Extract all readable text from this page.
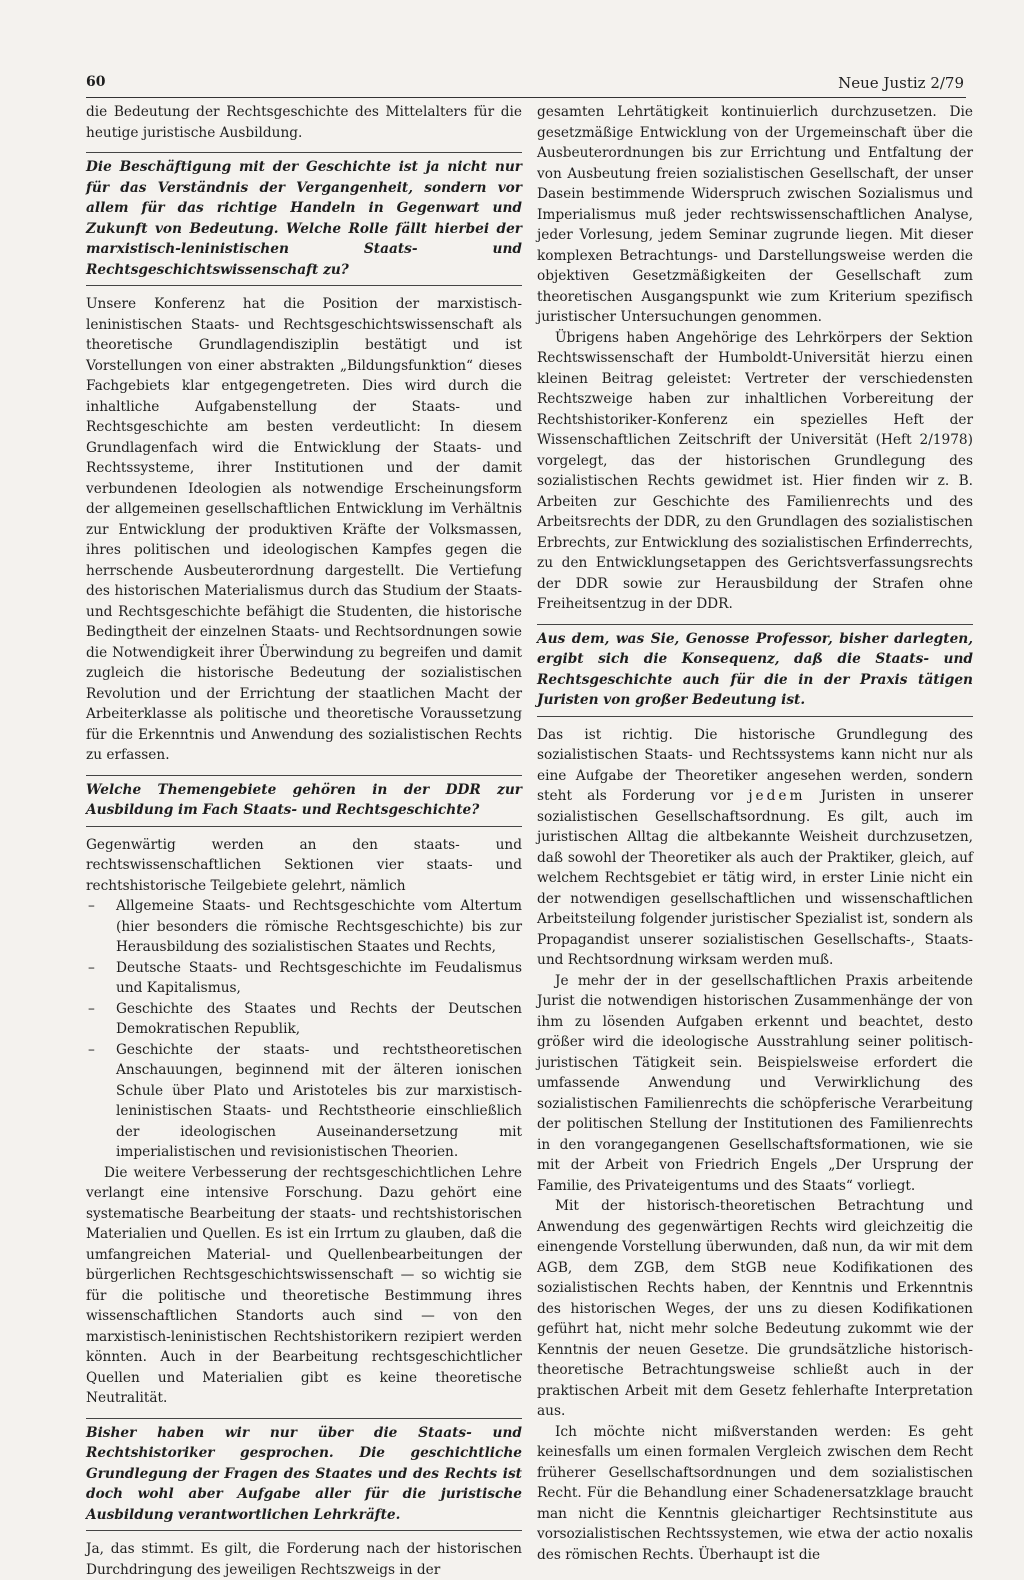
60	Neue Justiz 2/79

die Bedeutung der Rechtsgeschichte des Mittelalters für die heutige juristische Ausbildung.

Die Beschäftigung mit der Geschichte ist ja nicht nur für das Verständnis der Vergangenheit, sondern vor allem für das richtige Handeln in Gegenwart und Zukunft von Bedeutung. Welche Rolle fällt hierbei der marxistisch-leninistischen Staats- und Rechtsgeschichtswissenschaft zu?

Unsere Konferenz hat die Position der marxistisch-leninistischen Staats- und Rechtsgeschichtswissenschaft als theoretische Grundlagendisziplin bestätigt und ist Vorstellungen von einer abstrakten „Bildungsfunktion“ dieses Fachgebiets klar entgegengetreten. Dies wird durch die inhaltliche Aufgabenstellung der Staats- und Rechtsgeschichte am besten verdeutlicht: In diesem Grundlagenfach wird die Entwicklung der Staats- und Rechtssysteme, ihrer Institutionen und der damit verbundenen Ideologien als notwendige Erscheinungsform der allgemeinen gesellschaftlichen Entwicklung im Verhältnis zur Entwicklung der produktiven Kräfte der Volksmassen, ihres politischen und ideologischen Kampfes gegen die herrschende Ausbeuterordnung dargestellt. Die Vertiefung des historischen Materialismus durch das Studium der Staats- und Rechtsgeschichte befähigt die Studenten, die historische Bedingtheit der einzelnen Staats- und Rechtsordnungen sowie die Notwendigkeit ihrer Überwindung zu begreifen und damit zugleich die historische Bedeutung der sozialistischen Revolution und der Errichtung der staatlichen Macht der Arbeiterklasse als politische und theoretische Voraussetzung für die Erkenntnis und Anwendung des sozialistischen Rechts zu erfassen.

Welche Themengebiete gehören in der DDR zur Ausbildung im Fach Staats- und Rechtsgeschichte?

Gegenwärtig werden an den staats- und rechtswissenschaftlichen Sektionen vier staats- und rechtshistorische Teilgebiete gelehrt, nämlich

– Allgemeine Staats- und Rechtsgeschichte vom Altertum (hier besonders die römische Rechtsgeschichte) bis zur Herausbildung des sozialistischen Staates und Rechts,
– Deutsche Staats- und Rechtsgeschichte im Feudalismus und Kapitalismus,
– Geschichte des Staates und Rechts der Deutschen Demokratischen Republik,
– Geschichte der staats- und rechtstheoretischen Anschauungen, beginnend mit der älteren ionischen Schule über Plato und Aristoteles bis zur marxistisch-leninistischen Staats- und Rechtstheorie einschließlich der ideologischen Auseinandersetzung mit imperialistischen und revisionistischen Theorien.

Die weitere Verbesserung der rechtsgeschichtlichen Lehre verlangt eine intensive Forschung. Dazu gehört eine systematische Bearbeitung der staats- und rechtshistorischen Materialien und Quellen. Es ist ein Irrtum zu glauben, daß die umfangreichen Material- und Quellenbearbeitungen der bürgerlichen Rechtsgeschichtswissenschaft — so wichtig sie für die politische und theoretische Bestimmung ihres wissenschaftlichen Standorts auch sind — von den marxistisch-leninistischen Rechtshistorikern rezipiert werden könnten. Auch in der Bearbeitung rechtsgeschichtlicher Quellen und Materialien gibt es keine theoretische Neutralität.

Bisher haben wir nur über die Staats- und Rechtshistoriker gesprochen. Die geschichtliche Grundlegung der Fragen des Staates und des Rechts ist doch wohl aber Aufgabe aller für die juristische Ausbildung verantwortlichen Lehrkräfte.

Ja, das stimmt. Es gilt, die Forderung nach der historischen Durchdringung des jeweiligen Rechtszweigs in der

gesamten Lehrtätigkeit kontinuierlich durchzusetzen. Die gesetzmäßige Entwicklung von der Urgemeinschaft über die Ausbeuterordnungen bis zur Errichtung und Entfaltung der von Ausbeutung freien sozialistischen Gesellschaft, der unser Dasein bestimmende Widerspruch zwischen Sozialismus und Imperialismus muß jeder rechtswissenschaftlichen Analyse, jeder Vorlesung, jedem Seminar zugrunde liegen. Mit dieser komplexen Betrachtungs- und Darstellungsweise werden die objektiven Gesetzmäßigkeiten der Gesellschaft zum theoretischen Ausgangspunkt wie zum Kriterium spezifisch juristischer Untersuchungen genommen.

Übrigens haben Angehörige des Lehrkörpers der Sektion Rechtswissenschaft der Humboldt-Universität hierzu einen kleinen Beitrag geleistet: Vertreter der verschiedensten Rechtszweige haben zur inhaltlichen Vorbereitung der Rechtshistoriker-Konferenz ein spezielles Heft der Wissenschaftlichen Zeitschrift der Universität (Heft 2/1978) vorgelegt, das der historischen Grundlegung des sozialistischen Rechts gewidmet ist. Hier finden wir z. B. Arbeiten zur Geschichte des Familienrechts und des Arbeitsrechts der DDR, zu den Grundlagen des sozialistischen Erbrechts, zur Entwicklung des sozialistischen Erfinderrechts, zu den Entwicklungsetappen des Gerichtsverfassungsrechts der DDR sowie zur Herausbildung der Strafen ohne Freiheitsentzug in der DDR.

Aus dem, was Sie, Genosse Professor, bisher darlegten, ergibt sich die Konsequenz, daß die Staats- und Rechtsgeschichte auch für die in der Praxis tätigen Juristen von großer Bedeutung ist.

Das ist richtig. Die historische Grundlegung des sozialistischen Staats- und Rechtssystems kann nicht nur als eine Aufgabe der Theoretiker angesehen werden, sondern steht als Forderung vor jedem Juristen in unserer sozialistischen Gesellschaftsordnung. Es gilt, auch im juristischen Alltag die altbekannte Weisheit durchzusetzen, daß sowohl der Theoretiker als auch der Praktiker, gleich, auf welchem Rechtsgebiet er tätig wird, in erster Linie nicht ein der notwendigen gesellschaftlichen und wissenschaftlichen Arbeitsteilung folgender juristischer Spezialist ist, sondern als Propagandist unserer sozialistischen Gesellschafts-, Staats- und Rechtsordnung wirksam werden muß.

Je mehr der in der gesellschaftlichen Praxis arbeitende Jurist die notwendigen historischen Zusammenhänge der von ihm zu lösenden Aufgaben erkennt und beachtet, desto größer wird die ideologische Ausstrahlung seiner politisch-juristischen Tätigkeit sein. Beispielsweise erfordert die umfassende Anwendung und Verwirklichung des sozialistischen Familienrechts die schöpferische Verarbeitung der politischen Stellung der Institutionen des Familienrechts in den vorangegangenen Gesellschaftsformationen, wie sie mit der Arbeit von Friedrich Engels „Der Ursprung der Familie, des Privateigentums und des Staats“ vorliegt.

Mit der historisch-theoretischen Betrachtung und Anwendung des gegenwärtigen Rechts wird gleichzeitig die einengende Vorstellung überwunden, daß nun, da wir mit dem AGB, dem ZGB, dem StGB neue Kodifikationen des sozialistischen Rechts haben, der Kenntnis und Erkenntnis des historischen Weges, der uns zu diesen Kodifikationen geführt hat, nicht mehr solche Bedeutung zukommt wie der Kenntnis der neuen Gesetze. Die grundsätzliche historisch-theoretische Betrachtungsweise schließt auch in der praktischen Arbeit mit dem Gesetz fehlerhafte Interpretation aus.

Ich möchte nicht mißverstanden werden: Es geht keinesfalls um einen formalen Vergleich zwischen dem Recht früherer Gesellschaftsordnungen und dem sozialistischen Recht. Für die Behandlung einer Schadenersatzklage braucht man nicht die Kenntnis gleichartiger Rechtsinstitute aus vorsozialistischen Rechtssystemen, wie etwa der actio noxalis des römischen Rechts. Überhaupt ist die
